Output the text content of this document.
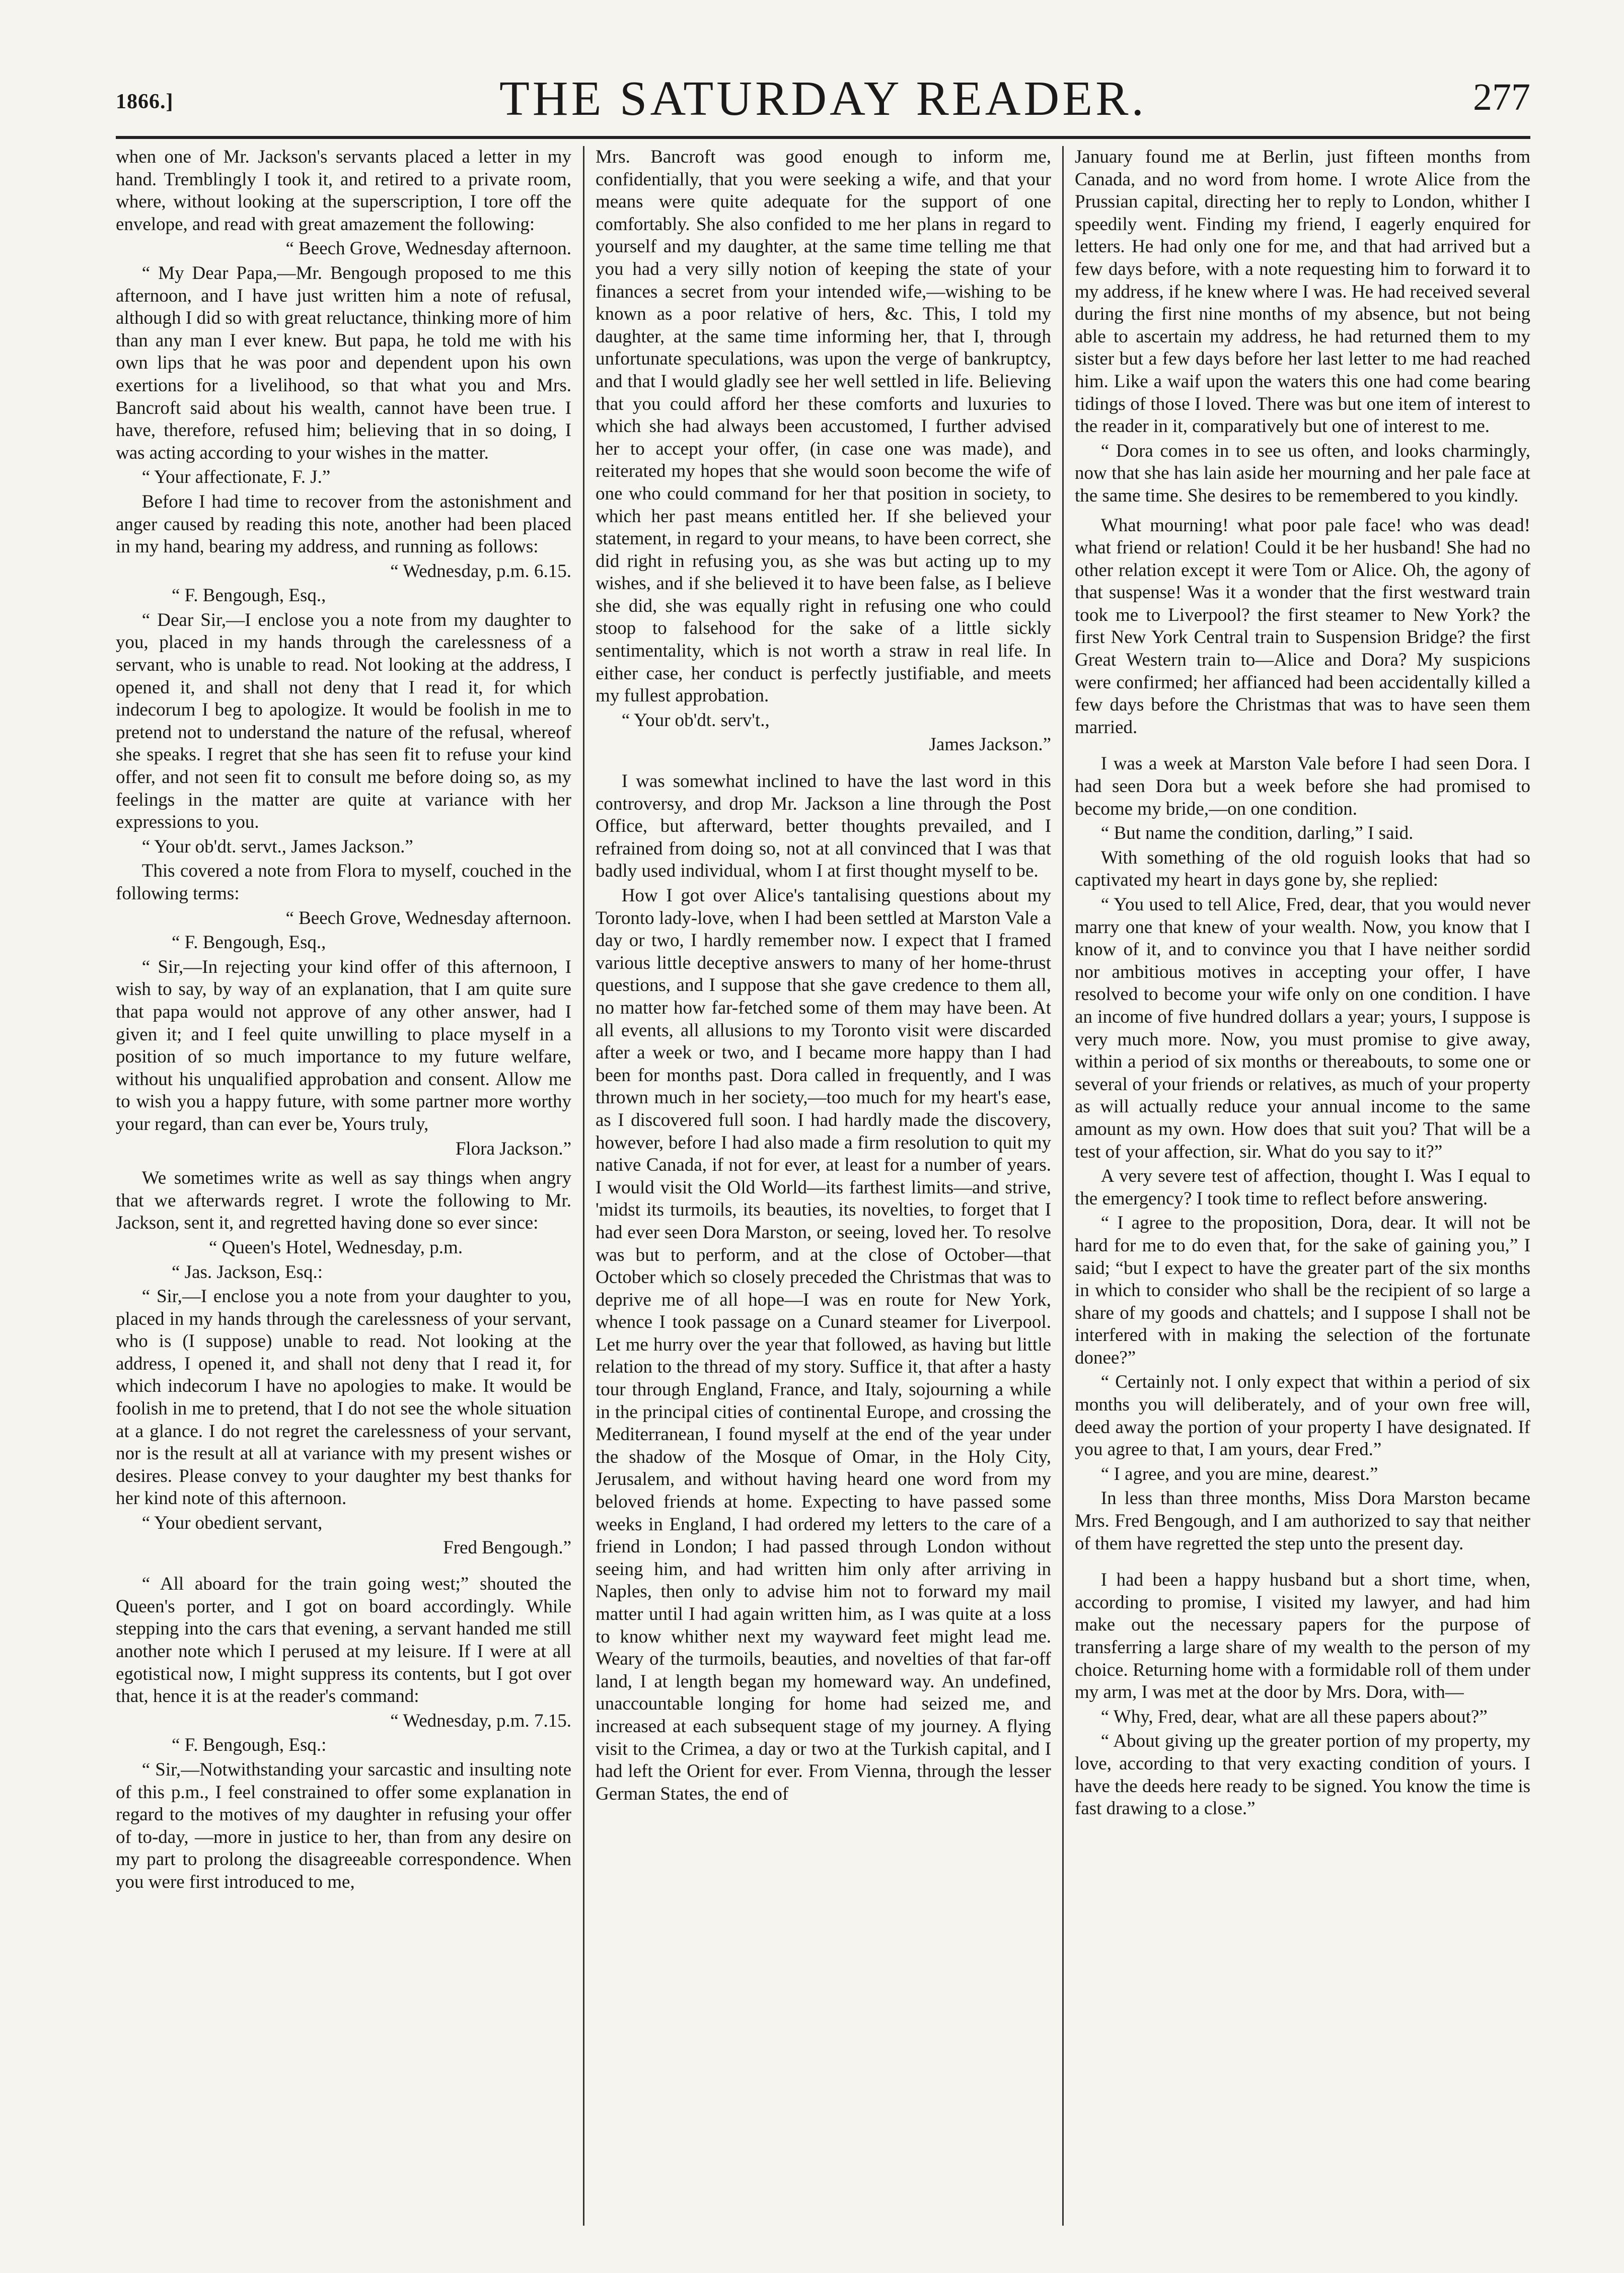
1866.]	THE SATURDAY READER.	277

when one of Mr. Jackson's servants placed a letter in my hand. Tremblingly I took it, and retired to a private room, where, without looking at the superscription, I tore off the envelope, and read with great amazement the following:

“ Beech Grove, Wednesday afternoon.

“ My Dear Papa,—Mr. Bengough proposed to me this afternoon, and I have just written him a note of refusal, although I did so with great reluctance, thinking more of him than any man I ever knew. But papa, he told me with his own lips that he was poor and dependent upon his own exertions for a livelihood, so that what you and Mrs. Bancroft said about his wealth, cannot have been true. I have, therefore, refused him; believing that in so doing, I was acting according to your wishes in the matter.

“ Your affectionate, F. J.”

Before I had time to recover from the astonishment and anger caused by reading this note, another had been placed in my hand, bearing my address, and running as follows:

“ Wednesday, p.m. 6.15.

“ F. Bengough, Esq.,

“ Dear Sir,—I enclose you a note from my daughter to you, placed in my hands through the carelessness of a servant, who is unable to read. Not looking at the address, I opened it, and shall not deny that I read it, for which indecorum I beg to apologize. It would be foolish in me to pretend not to understand the nature of the refusal, whereof she speaks. I regret that she has seen fit to refuse your kind offer, and not seen fit to consult me before doing so, as my feelings in the matter are quite at variance with her expressions to you.

“ Your ob'dt. servt., James Jackson.”

This covered a note from Flora to myself, couched in the following terms:

“ Beech Grove, Wednesday afternoon.

“ F. Bengough, Esq.,

“ Sir,—In rejecting your kind offer of this afternoon, I wish to say, by way of an explanation, that I am quite sure that papa would not approve of any other answer, had I given it; and I feel quite unwilling to place myself in a position of so much importance to my future welfare, without his unqualified approbation and consent. Allow me to wish you a happy future, with some partner more worthy your regard, than can ever be, Yours truly,

Flora Jackson.”

We sometimes write as well as say things when angry that we afterwards regret. I wrote the following to Mr. Jackson, sent it, and regretted having done so ever since:

“ Queen's Hotel, Wednesday, p.m.

“ Jas. Jackson, Esq.:

“ Sir,—I enclose you a note from your daughter to you, placed in my hands through the carelessness of your servant, who is (I suppose) unable to read. Not looking at the address, I opened it, and shall not deny that I read it, for which indecorum I have no apologies to make. It would be foolish in me to pretend, that I do not see the whole situation at a glance. I do not regret the carelessness of your servant, nor is the result at all at variance with my present wishes or desires. Please convey to your daughter my best thanks for her kind note of this afternoon.

“ Your obedient servant,

Fred Bengough.”

“ All aboard for the train going west;” shouted the Queen's porter, and I got on board accordingly. While stepping into the cars that evening, a servant handed me still another note which I perused at my leisure. If I were at all egotistical now, I might suppress its contents, but I got over that, hence it is at the reader's command:

“ Wednesday, p.m. 7.15.

“ F. Bengough, Esq.:

“ Sir,—Notwithstanding your sarcastic and insulting note of this p.m., I feel constrained to offer some explanation in regard to the motives of my daughter in refusing your offer of to-day, —more in justice to her, than from any desire on my part to prolong the disagreeable correspondence. When you were first introduced to me,

Mrs. Bancroft was good enough to inform me, confidentially, that you were seeking a wife, and that your means were quite adequate for the support of one comfortably. She also confided to me her plans in regard to yourself and my daughter, at the same time telling me that you had a very silly notion of keeping the state of your finances a secret from your intended wife,—wishing to be known as a poor relative of hers, &c. This, I told my daughter, at the same time informing her, that I, through unfortunate speculations, was upon the verge of bankruptcy, and that I would gladly see her well settled in life. Believing that you could afford her these comforts and luxuries to which she had always been accustomed, I further advised her to accept your offer, (in case one was made), and reiterated my hopes that she would soon become the wife of one who could command for her that position in society, to which her past means entitled her. If she believed your statement, in regard to your means, to have been correct, she did right in refusing you, as she was but acting up to my wishes, and if she believed it to have been false, as I believe she did, she was equally right in refusing one who could stoop to falsehood for the sake of a little sickly sentimentality, which is not worth a straw in real life. In either case, her conduct is perfectly justifiable, and meets my fullest approbation.

“ Your ob'dt. serv't.,

James Jackson.”

I was somewhat inclined to have the last word in this controversy, and drop Mr. Jackson a line through the Post Office, but afterward, better thoughts prevailed, and I refrained from doing so, not at all convinced that I was that badly used individual, whom I at first thought myself to be.

How I got over Alice's tantalising questions about my Toronto lady-love, when I had been settled at Marston Vale a day or two, I hardly remember now. I expect that I framed various little deceptive answers to many of her home-thrust questions, and I suppose that she gave credence to them all, no matter how far-fetched some of them may have been. At all events, all allusions to my Toronto visit were discarded after a week or two, and I became more happy than I had been for months past. Dora called in frequently, and I was thrown much in her society,—too much for my heart's ease, as I discovered full soon. I had hardly made the discovery, however, before I had also made a firm resolution to quit my native Canada, if not for ever, at least for a number of years. I would visit the Old World—its farthest limits—and strive, 'midst its turmoils, its beauties, its novelties, to forget that I had ever seen Dora Marston, or seeing, loved her. To resolve was but to perform, and at the close of October—that October which so closely preceded the Christmas that was to deprive me of all hope—I was en route for New York, whence I took passage on a Cunard steamer for Liverpool. Let me hurry over the year that followed, as having but little relation to the thread of my story. Suffice it, that after a hasty tour through England, France, and Italy, sojourning a while in the principal cities of continental Europe, and crossing the Mediterranean, I found myself at the end of the year under the shadow of the Mosque of Omar, in the Holy City, Jerusalem, and without having heard one word from my beloved friends at home. Expecting to have passed some weeks in England, I had ordered my letters to the care of a friend in London; I had passed through London without seeing him, and had written him only after arriving in Naples, then only to advise him not to forward my mail matter until I had again written him, as I was quite at a loss to know whither next my wayward feet might lead me. Weary of the turmoils, beauties, and novelties of that far-off land, I at length began my homeward way. An undefined, unaccountable longing for home had seized me, and increased at each subsequent stage of my journey. A flying visit to the Crimea, a day or two at the Turkish capital, and I had left the Orient for ever. From Vienna, through the lesser German States, the end of

January found me at Berlin, just fifteen months from Canada, and no word from home. I wrote Alice from the Prussian capital, directing her to reply to London, whither I speedily went. Finding my friend, I eagerly enquired for letters. He had only one for me, and that had arrived but a few days before, with a note requesting him to forward it to my address, if he knew where I was. He had received several during the first nine months of my absence, but not being able to ascertain my address, he had returned them to my sister but a few days before her last letter to me had reached him. Like a waif upon the waters this one had come bearing tidings of those I loved. There was but one item of interest to the reader in it, comparatively but one of interest to me.

“ Dora comes in to see us often, and looks charmingly, now that she has lain aside her mourning and her pale face at the same time. She desires to be remembered to you kindly.

What mourning! what poor pale face! who was dead! what friend or relation! Could it be her husband! She had no other relation except it were Tom or Alice. Oh, the agony of that suspense! Was it a wonder that the first westward train took me to Liverpool? the first steamer to New York? the first New York Central train to Suspension Bridge? the first Great Western train to—Alice and Dora? My suspicions were confirmed; her affianced had been accidentally killed a few days before the Christmas that was to have seen them married.

I was a week at Marston Vale before I had seen Dora. I had seen Dora but a week before she had promised to become my bride,—on one condition.

“ But name the condition, darling,” I said.

With something of the old roguish looks that had so captivated my heart in days gone by, she replied:

“ You used to tell Alice, Fred, dear, that you would never marry one that knew of your wealth. Now, you know that I know of it, and to convince you that I have neither sordid nor ambitious motives in accepting your offer, I have resolved to become your wife only on one condition. I have an income of five hundred dollars a year; yours, I suppose is very much more. Now, you must promise to give away, within a period of six months or thereabouts, to some one or several of your friends or relatives, as much of your property as will actually reduce your annual income to the same amount as my own. How does that suit you? That will be a test of your affection, sir. What do you say to it?”

A very severe test of affection, thought I. Was I equal to the emergency? I took time to reflect before answering.

“ I agree to the proposition, Dora, dear. It will not be hard for me to do even that, for the sake of gaining you,” I said; “but I expect to have the greater part of the six months in which to consider who shall be the recipient of so large a share of my goods and chattels; and I suppose I shall not be interfered with in making the selection of the fortunate donee?”

“ Certainly not. I only expect that within a period of six months you will deliberately, and of your own free will, deed away the portion of your property I have designated. If you agree to that, I am yours, dear Fred.”

“ I agree, and you are mine, dearest.”

In less than three months, Miss Dora Marston became Mrs. Fred Bengough, and I am authorized to say that neither of them have regretted the step unto the present day.

I had been a happy husband but a short time, when, according to promise, I visited my lawyer, and had him make out the necessary papers for the purpose of transferring a large share of my wealth to the person of my choice. Returning home with a formidable roll of them under my arm, I was met at the door by Mrs. Dora, with—

“ Why, Fred, dear, what are all these papers about?”

“ About giving up the greater portion of my property, my love, according to that very exacting condition of yours. I have the deeds here ready to be signed. You know the time is fast drawing to a close.”
